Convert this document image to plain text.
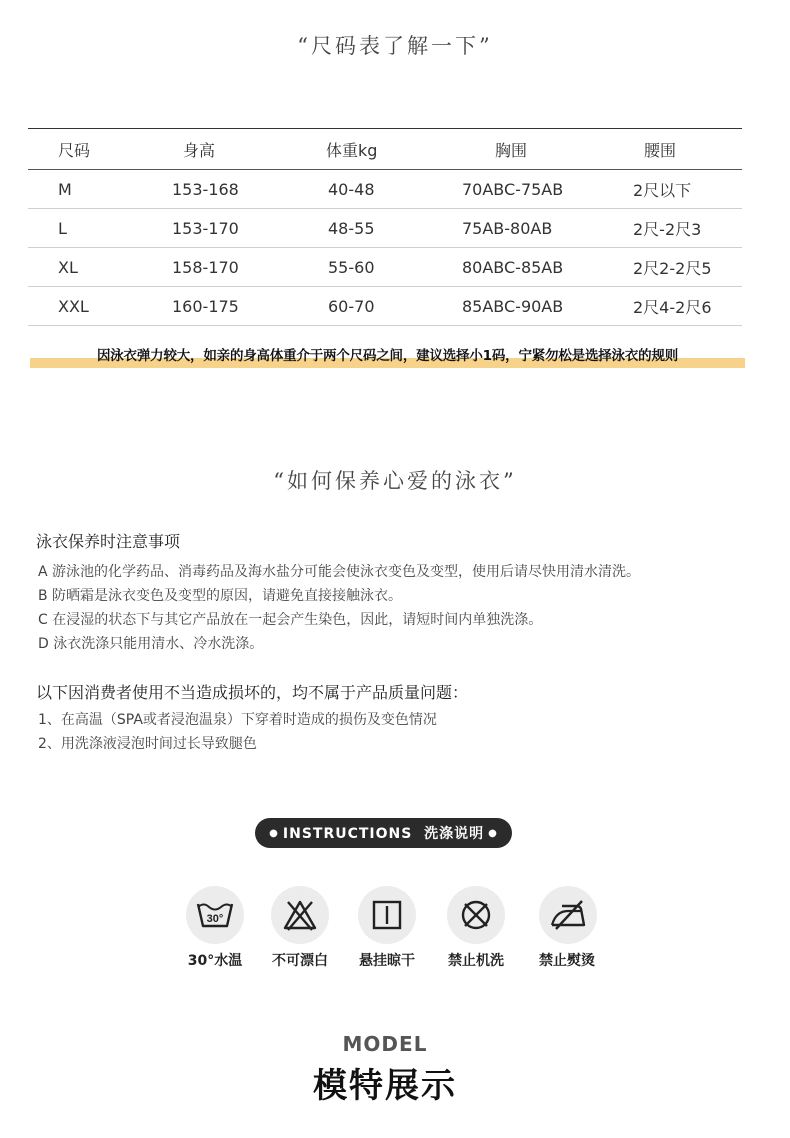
“尺码表了解一下”
尺码	身高	体重kg	胸围	腰围
M	153-168	40-48	70ABC-75AB	2尺以下
L	153-170	48-55	75AB-80AB	2尺-2尺3
XL	158-170	55-60	80ABC-85AB	2尺2-2尺5
XXL	160-175	60-70	85ABC-90AB	2尺4-2尺6
因泳衣弹力较大，如亲的身高体重介于两个尺码之间，建议选择小1码，宁紧勿松是选择泳衣的规则
“如何保养心爱的泳衣”
泳衣保养时注意事项
A 游泳池的化学药品、消毒药品及海水盐分可能会使泳衣变色及变型，使用后请尽快用清水清洗。
B 防晒霜是泳衣变色及变型的原因，请避免直接接触泳衣。
C 在浸湿的状态下与其它产品放在一起会产生染色，因此，请短时间内单独洗涤。
D 泳衣洗涤只能用清水、冷水洗涤。
以下因消费者使用不当造成损坏的，均不属于产品质量问题：
1、在高温（SPA或者浸泡温泉）下穿着时造成的损伤及变色情况
2、用洗涤液浸泡时间过长导致腿色
● INSTRUCTIONS  洗涤说明 ●
30°
30°水温	不可漂白	悬挂晾干	禁止机洗	禁止熨烫
MODEL
模特展示
